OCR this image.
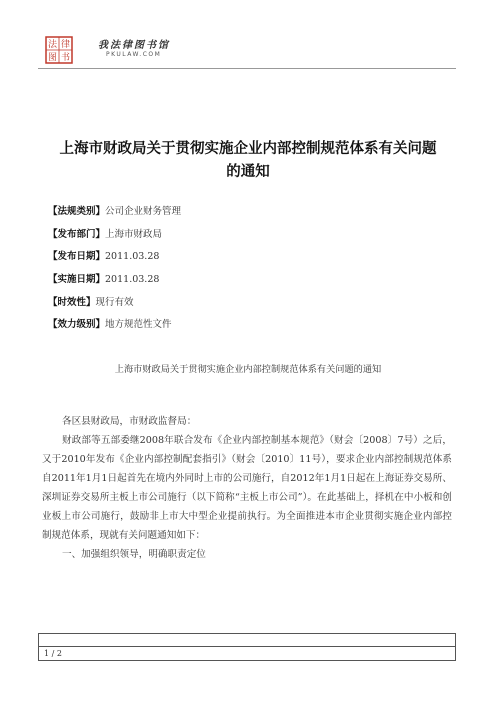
法 律
图 书
我法律图书馆
PKULAW.COM
上海市财政局关于贯彻实施企业内部控制规范体系有关问题
的通知
【法规类别】公司企业财务管理
【发布部门】上海市财政局
【发布日期】2011.03.28
【实施日期】2011.03.28
【时效性】现行有效
【效力级别】地方规范性文件
上海市财政局关于贯彻实施企业内部控制规范体系有关问题的通知
各区县财政局，市财政监督局：
财政部等五部委继2008年联合发布《企业内部控制基本规范》（财会〔2008〕7号）之后，又于2010年发布《企业内部控制配套指引》（财会〔2010〕11号），要求企业内部控制规范体系自2011年1月1日起首先在境内外同时上市的公司施行，自2012年1月1日起在上海证券交易所、深圳证券交易所主板上市公司施行（以下简称“主板上市公司”）。在此基础上，择机在中小板和创业板上市公司施行，鼓励非上市大中型企业提前执行。为全面推进本市企业贯彻实施企业内部控制规范体系，现就有关问题通知如下：
一、加强组织领导，明确职责定位
1 / 2
